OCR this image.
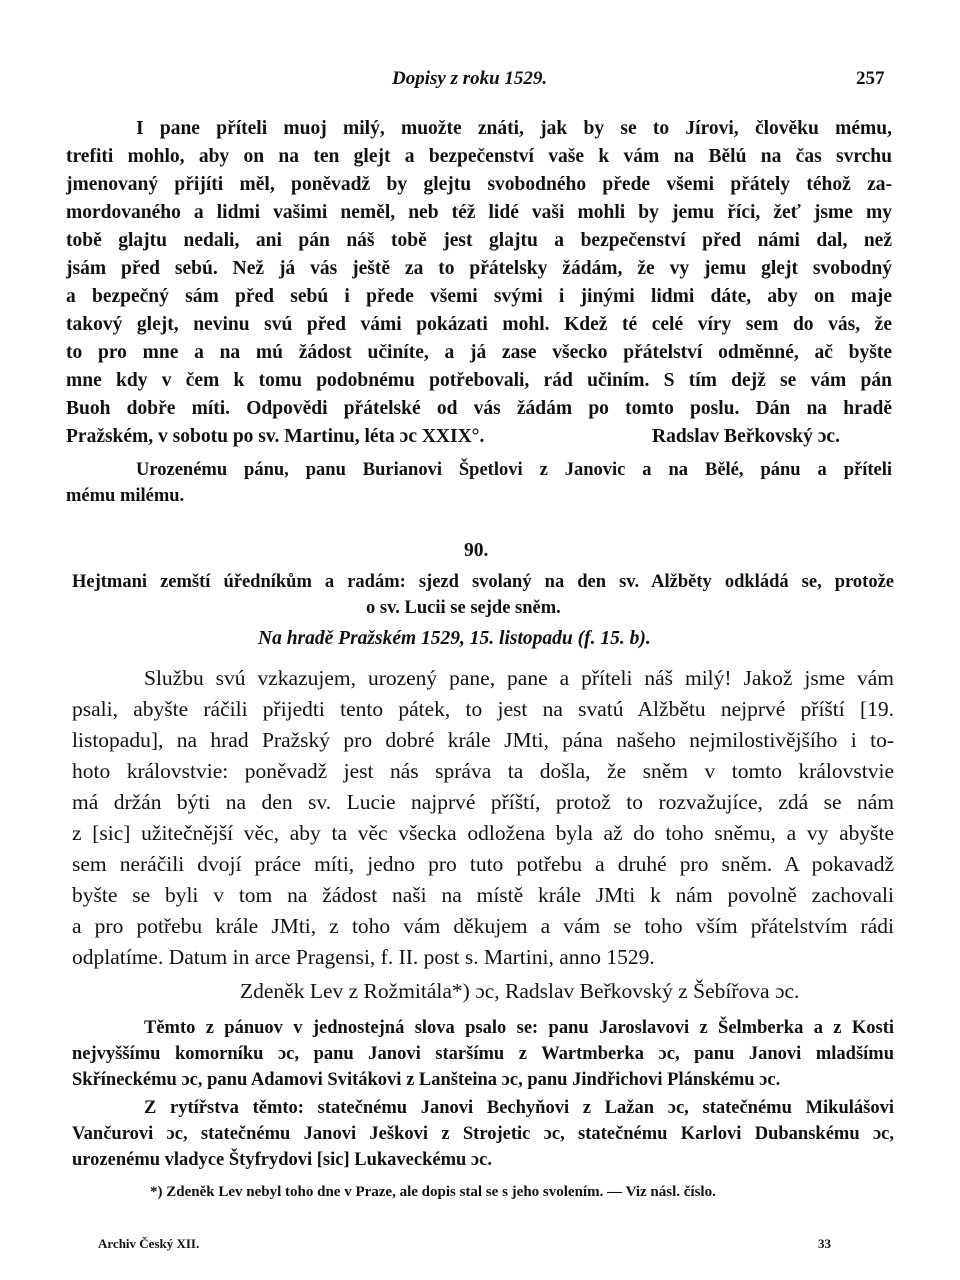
Dopisy z roku 1529.	257
I pane příteli muoj milý, muožte znáti, jak by se to Jírovi, člověku mému,
trefiti mohlo, aby on na ten glejt a bezpečenství vaše k vám na Bělú na čas svrchu
jmenovaný přijíti měl, poněvadž by glejtu svobodného přede všemi přátely téhož za-
mordovaného a lidmi vašimi neměl, neb též lidé vaši mohli by jemu říci, žeť jsme my
tobě glajtu nedali, ani pán náš tobě jest glajtu a bezpečenství před námi dal, než
jsám před sebú. Než já vás ještě za to přátelsky žádám, že vy jemu glejt svobodný
a bezpečný sám před sebú i přede všemi svými i jinými lidmi dáte, aby on maje
takový glejt, nevinu svú před vámi pokázati mohl. Kdež té celé víry sem do vás, že
to pro mne a na mú žádost učiníte, a já zase všecko přátelství odměnné, ač byšte
mne kdy v čem k tomu podobnému potřebovali, rád učiním. S tím dejž se vám pán
Buoh dobře míti. Odpovědi přátelské od vás žádám po tomto poslu. Dán na hradě
Pražském, v sobotu po sv. Martinu, léta ɔc XXIX°.	Radslav Beřkovský ɔc.
Urozenému pánu, panu Burianovi Špetlovi z Janovic a na Bělé, pánu a příteli
mému milému.
90.
Hejtmani zemští úředníkům a radám: sjezd svolaný na den sv. Alžběty odkládá se, protože
o sv. Lucii se sejde sněm.
Na hradě Pražském 1529, 15. listopadu (f. 15. b).
Službu svú vzkazujem, urozený pane, pane a příteli náš milý! Jakož jsme vám
psali, abyšte ráčili přijedti tento pátek, to jest na svatú Alžbětu nejprvé příští [19.
listopadu], na hrad Pražský pro dobré krále JMti, pána našeho nejmilostivějšího i to-
hoto královstvie: poněvadž jest nás správa ta došla, že sněm v tomto královstvie
má držán býti na den sv. Lucie najprvé příští, protož to rozvažujíce, zdá se nám
z [sic] užitečnější věc, aby ta věc všecka odložena byla až do toho sněmu, a vy abyšte
sem neráčili dvojí práce míti, jedno pro tuto potřebu a druhé pro sněm. A pokavadž
byšte se byli v tom na žádost naši na místě krále JMti k nám povolně zachovali
a pro potřebu krále JMti, z toho vám děkujem a vám se toho vším přátelstvím rádi
odplatíme. Datum in arce Pragensi, f. II. post s. Martini, anno 1529.
Zdeněk Lev z Rožmitála*) ɔc, Radslav Beřkovský z Šebířova ɔc.
Těmto z pánuov v jednostejná slova psalo se: panu Jaroslavovi z Šelmberka a z Kosti
nejvyššímu komorníku ɔc, panu Janovi staršímu z Wartmberka ɔc, panu Janovi mladšímu
Skříneckému ɔc, panu Adamovi Svitákovi z Lanšteina ɔc, panu Jindřichovi Plánskému ɔc.
Z rytířstva těmto: statečnému Janovi Bechyňovi z Lažan ɔc, statečnému Mikulášovi
Vančurovi ɔc, statečnému Janovi Ješkovi z Strojetic ɔc, statečnému Karlovi Dubanskému ɔc,
urozenému vladyce Štyfrydovi [sic] Lukaveckému ɔc.
*) Zdeněk Lev nebyl toho dne v Praze, ale dopis stal se s jeho svolením. — Viz násl. číslo.
Archiv Český XII.	33
